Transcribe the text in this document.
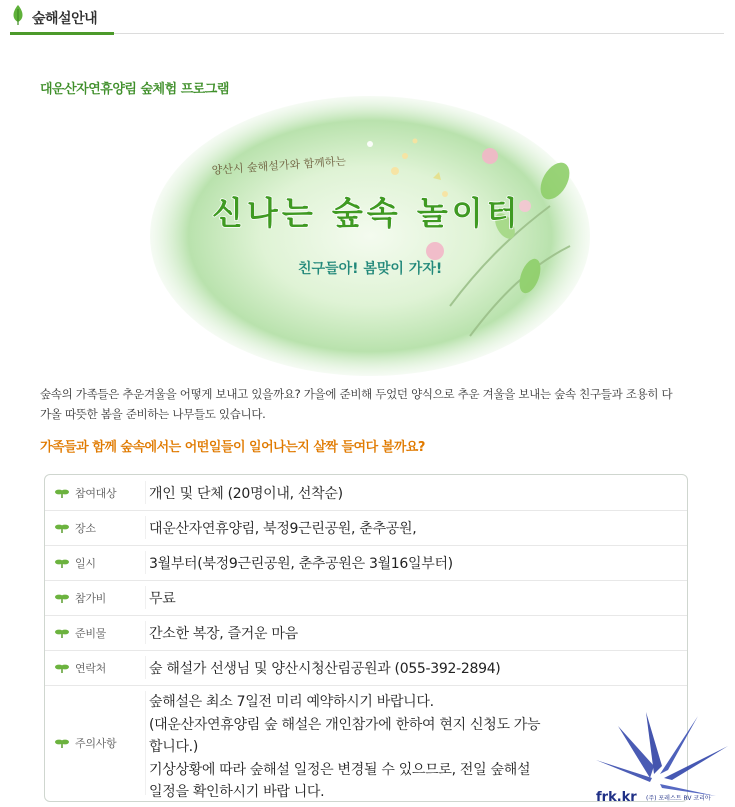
숲해설안내
대운산자연휴양림 숲체험 프로그램
양산시 숲해설가와 함께하는
신나는 숲속 놀이터
친구들아! 봄맞이 가자!
숲속의 가족들은 추운겨울을 어떻게 보내고 있을까요? 가을에 준비해 두었던 양식으로 추운 겨울을 보내는 숲속 친구들과 조용히 다가올 따뜻한 봄을 준비하는 나무들도 있습니다.
가족들과 함께 숲속에서는 어떤일들이 일어나는지 살짝 들여다 볼까요?
참여대상 개인 및 단체 (20명이내, 선착순)
장소	대운산자연휴양림, 북정9근린공원, 춘추공원,
일시	3월부터(북정9근린공원, 춘추공원은 3월16일부터)
참가비	무료
준비물	간소한 복장, 즐거운 마음
연락처	숲 해설가 선생님 및 양산시청산림공원과 (055-392-2894)
주의사항
숲해설은 최소 7일전 미리 예약하시기 바랍니다.
(대운산자연휴양림 숲 해설은 개인참가에 한하여 현지 신청도 가능
합니다.)
기상상황에 따라 숲해설 일정은 변경될 수 있으므로, 전일 숲해설
일정을 확인하시기 바랍 니다.	frk.kr (주) 포레스트 RV 코리아
